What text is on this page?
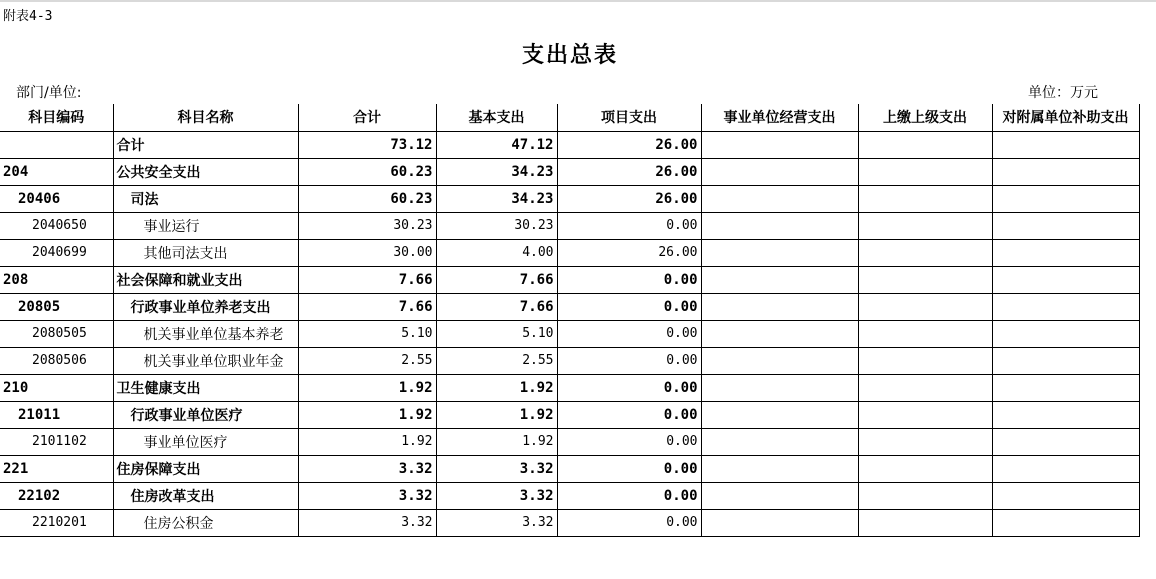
附表4-3
支出总表
部门/单位:	单位：万元
科目编码	科目名称	合计	基本支出	项目支出	事业单位经营支出	上缴上级支出	对附属单位补助支出
	合计	73.12	47.12	26.00			
204	公共安全支出	60.23	34.23	26.00			
20406	司法	60.23	34.23	26.00			
2040650	事业运行	30.23	30.23	0.00			
2040699	其他司法支出	30.00	4.00	26.00			
208	社会保障和就业支出	7.66	7.66	0.00			
20805	行政事业单位养老支出	7.66	7.66	0.00			
2080505	机关事业单位基本养老	5.10	5.10	0.00			
2080506	机关事业单位职业年金	2.55	2.55	0.00			
210	卫生健康支出	1.92	1.92	0.00			
21011	行政事业单位医疗	1.92	1.92	0.00			
2101102	事业单位医疗	1.92	1.92	0.00			
221	住房保障支出	3.32	3.32	0.00			
22102	住房改革支出	3.32	3.32	0.00			
2210201	住房公积金	3.32	3.32	0.00			
